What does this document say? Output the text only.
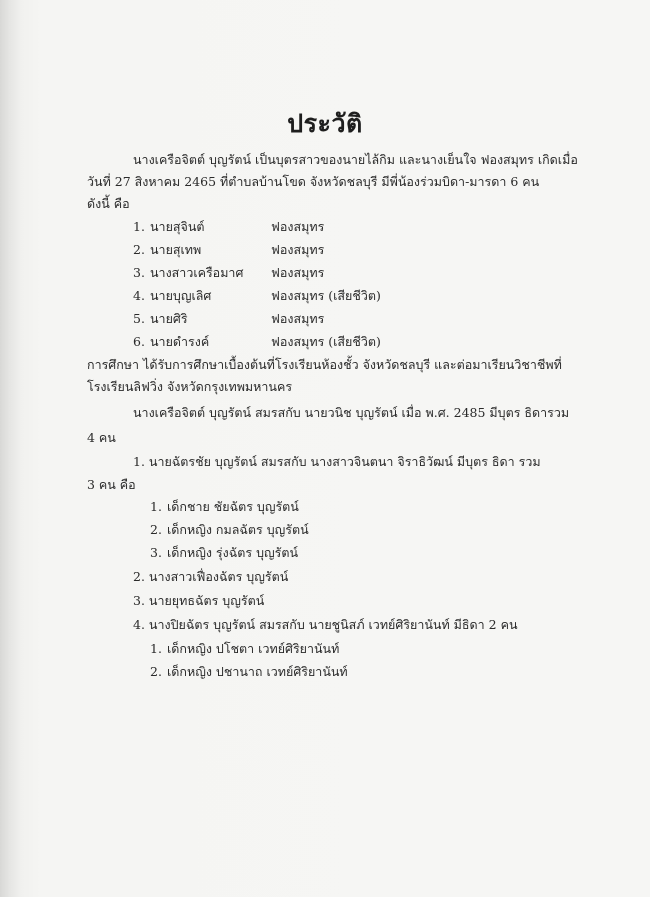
ประวัติ
นางเครือจิตต์ บุญรัตน์ เป็นบุตรสาวของนายไล้กิม และนางเย็นใจ ฟองสมุทร เกิดเมื่อ
วันที่ 27 สิงหาคม 2465 ที่ตำบลบ้านโขด จังหวัดชลบุรี มีพี่น้องร่วมบิดา-มารดา 6 คน
ดังนี้ คือ
1. นายสุจินต์	ฟองสมุทร
2. นายสุเทพ	ฟองสมุทร
3. นางสาวเครือมาศ ฟองสมุทร
4. นายบุญเลิศ	ฟองสมุทร (เสียชีวิต)
5. นายศิริ	ฟองสมุทร
6. นายดำรงค์	ฟองสมุทร (เสียชีวิต)
การศึกษา ได้รับการศึกษาเบื้องต้นที่โรงเรียนห้องชั้ว จังหวัดชลบุรี และต่อมาเรียนวิชาชีพที่
โรงเรียนลิฟวิ่ง จังหวัดกรุงเทพมหานคร
นางเครือจิตต์ บุญรัตน์ สมรสกับ นายวนิช บุญรัตน์ เมื่อ พ.ศ. 2485 มีบุตร ธิดารวม
4 คน
1. นายฉัตรชัย บุญรัตน์ สมรสกับ นางสาวจินตนา จิราธิวัฒน์ มีบุตร ธิดา รวม
3 คน คือ
1. เด็กชาย ชัยฉัตร บุญรัตน์
2. เด็กหญิง กมลฉัตร บุญรัตน์
3. เด็กหญิง รุ่งฉัตร บุญรัตน์
2. นางสาวเฟื่องฉัตร บุญรัตน์
3. นายยุทธฉัตร บุญรัตน์
4. นางปิยฉัตร บุญรัตน์ สมรสกับ นายชูนิสภ์ เวทย์ศิริยานันท์ มีธิดา 2 คน
1. เด็กหญิง ปโชตา เวทย์ศิริยานันท์
2. เด็กหญิง ปชานาถ เวทย์ศิริยานันท์
